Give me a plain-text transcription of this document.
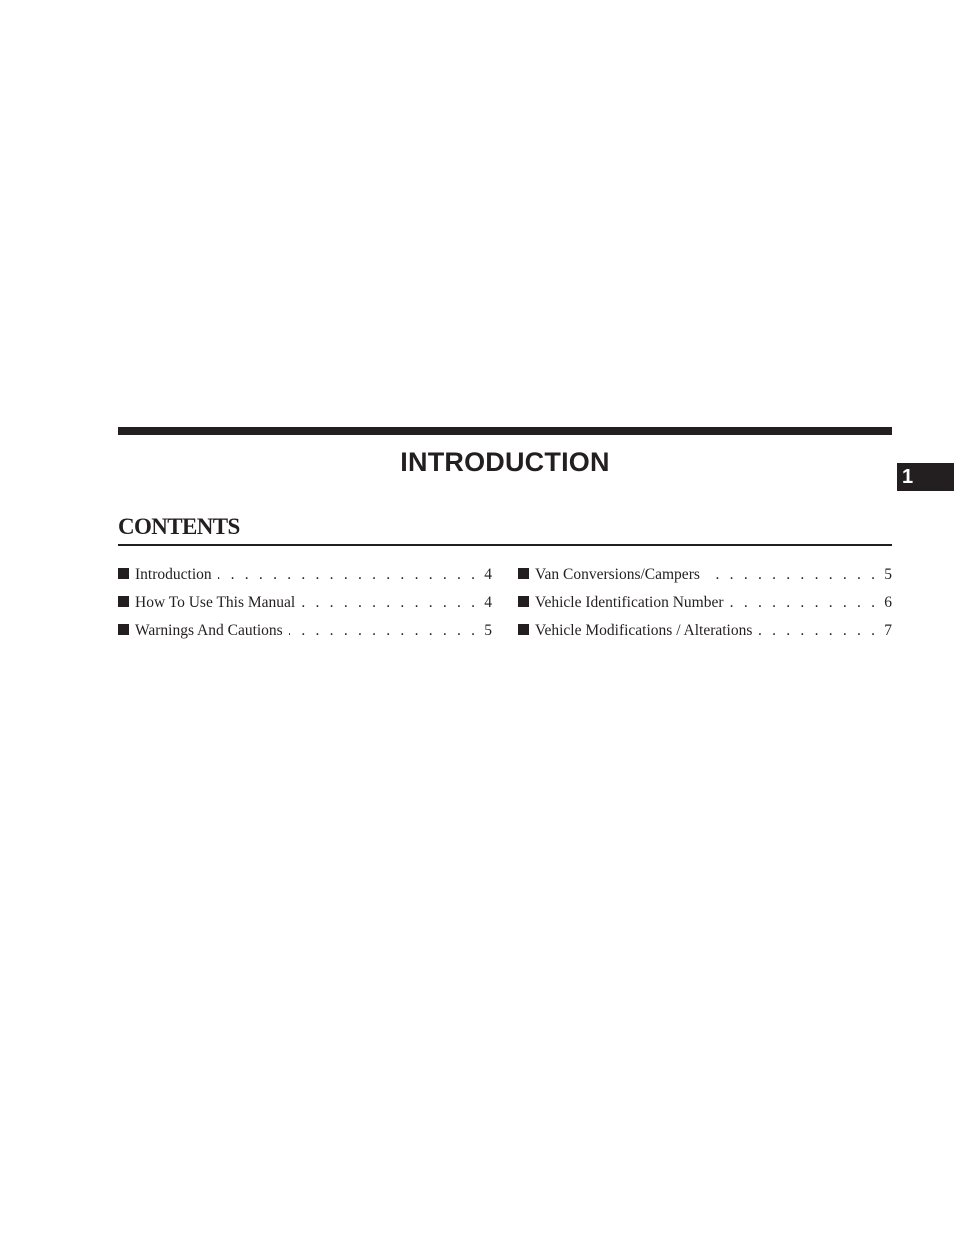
INTRODUCTION	1
CONTENTS
Introduction . . .	4
How To Use This Manual . . .	4
Warnings And Cautions . . .	5
Van Conversions/Campers . . .	5
Vehicle Identification Number . . .	6
Vehicle Modifications / Alterations . . .	7
